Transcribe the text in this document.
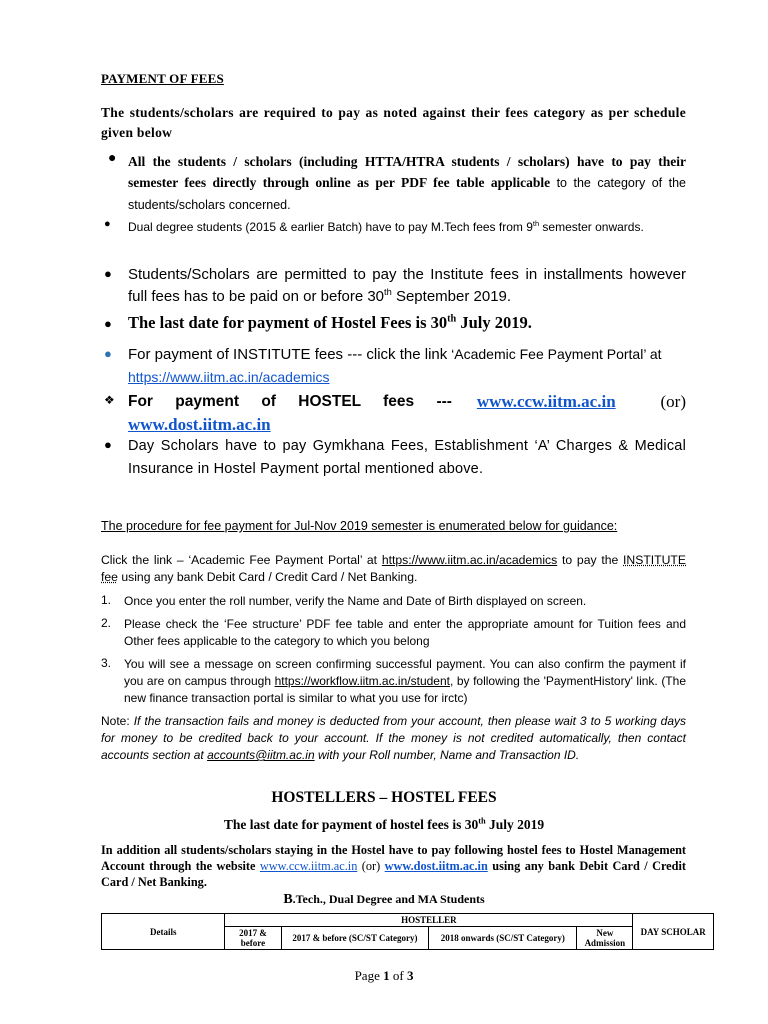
PAYMENT OF FEES
The students/scholars are required to pay as noted against their fees category as per schedule given below
● All the students / scholars (including HTTA/HTRA students / scholars) have to pay their semester fees directly through online as per PDF fee table applicable to the category of the students/scholars concerned.
● Dual degree students (2015 & earlier Batch) have to pay M.Tech fees from 9th semester onwards.
● Students/Scholars are permitted to pay the Institute fees in installments however full fees has to be paid on or before 30th September 2019.
● The last date for payment of Hostel Fees is 30th July 2019.
● For payment of INSTITUTE fees --- click the link ‘Academic Fee Payment Portal’ at https://www.iitm.ac.in/academics
❖ For payment of HOSTEL fees --- www.ccw.iitm.ac.in	(or)
www.dost.iitm.ac.in
● Day Scholars have to pay Gymkhana Fees, Establishment ‘A’ Charges & Medical Insurance in Hostel Payment portal mentioned above.
The procedure for fee payment for Jul-Nov 2019 semester is enumerated below for guidance:
Click the link – ‘Academic Fee Payment Portal’ at https://www.iitm.ac.in/academics to pay the INSTITUTE fee using any bank Debit Card / Credit Card / Net Banking.
1. Once you enter the roll number, verify the Name and Date of Birth displayed on screen.
2. Please check the ‘Fee structure’ PDF fee table and enter the appropriate amount for Tuition fees and Other fees applicable to the category to which you belong
3. You will see a message on screen confirming successful payment. You can also confirm the payment if you are on campus through https://workflow.iitm.ac.in/student, by following the 'PaymentHistory' link. (The new finance transaction portal is similar to what you use for irctc)
Note: If the transaction fails and money is deducted from your account, then please wait 3 to 5 working days for money to be credited back to your account. If the money is not credited automatically, then contact accounts section at accounts@iitm.ac.in with your Roll number, Name and Transaction ID.
HOSTELLERS – HOSTEL FEES
The last date for payment of hostel fees is 30th July 2019
In addition all students/scholars staying in the Hostel have to pay following hostel fees to Hostel Management Account through the website www.ccw.iitm.ac.in (or) www.dost.iitm.ac.in using any bank Debit Card / Credit Card / Net Banking.
B.Tech., Dual Degree and MA Students
Details	HOSTELLER				DAY SCHOLAR
	2017 & before	2017 & before (SC/ST Category)	2018 onwards (SC/ST Category)	New Admission	
Page 1 of 3
